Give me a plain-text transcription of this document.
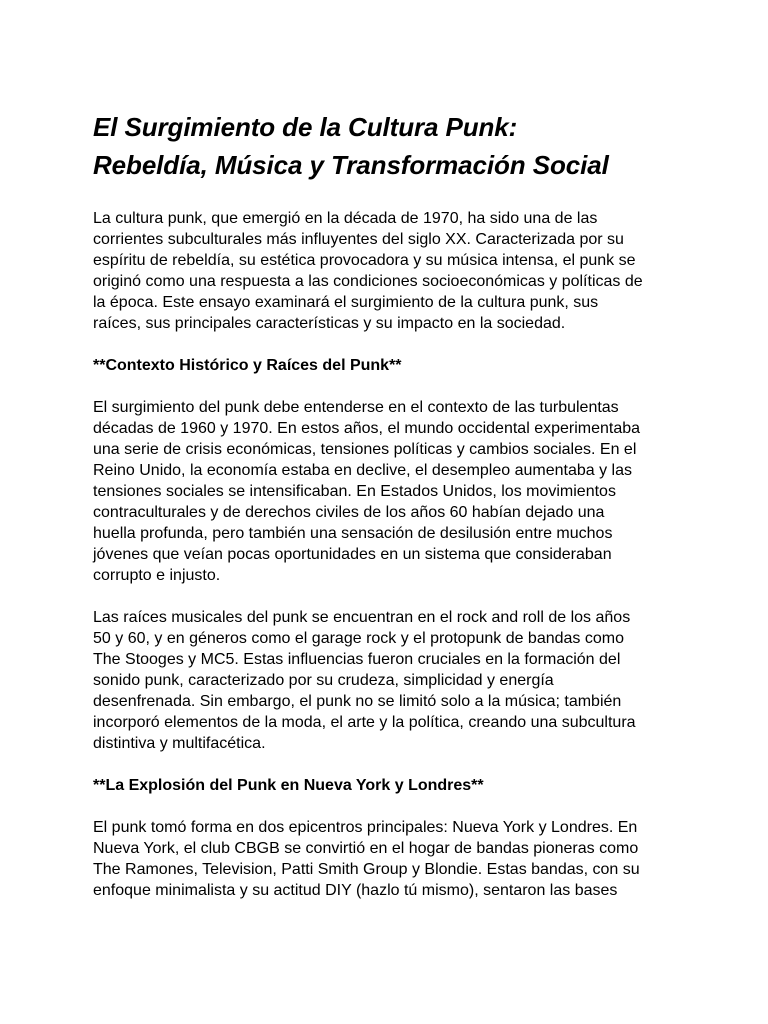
El Surgimiento de la Cultura Punk:
Rebeldía, Música y Transformación Social

La cultura punk, que emergió en la década de 1970, ha sido una de las
corrientes subculturales más influyentes del siglo XX. Caracterizada por su
espíritu de rebeldía, su estética provocadora y su música intensa, el punk se
originó como una respuesta a las condiciones socioeconómicas y políticas de
la época. Este ensayo examinará el surgimiento de la cultura punk, sus
raíces, sus principales características y su impacto en la sociedad.

**Contexto Histórico y Raíces del Punk**

El surgimiento del punk debe entenderse en el contexto de las turbulentas
décadas de 1960 y 1970. En estos años, el mundo occidental experimentaba
una serie de crisis económicas, tensiones políticas y cambios sociales. En el
Reino Unido, la economía estaba en declive, el desempleo aumentaba y las
tensiones sociales se intensificaban. En Estados Unidos, los movimientos
contraculturales y de derechos civiles de los años 60 habían dejado una
huella profunda, pero también una sensación de desilusión entre muchos
jóvenes que veían pocas oportunidades en un sistema que consideraban
corrupto e injusto.

Las raíces musicales del punk se encuentran en el rock and roll de los años
50 y 60, y en géneros como el garage rock y el protopunk de bandas como
The Stooges y MC5. Estas influencias fueron cruciales en la formación del
sonido punk, caracterizado por su crudeza, simplicidad y energía
desenfrenada. Sin embargo, el punk no se limitó solo a la música; también
incorporó elementos de la moda, el arte y la política, creando una subcultura
distintiva y multifacética.

**La Explosión del Punk en Nueva York y Londres**

El punk tomó forma en dos epicentros principales: Nueva York y Londres. En
Nueva York, el club CBGB se convirtió en el hogar de bandas pioneras como
The Ramones, Television, Patti Smith Group y Blondie. Estas bandas, con su
enfoque minimalista y su actitud DIY (hazlo tú mismo), sentaron las bases
